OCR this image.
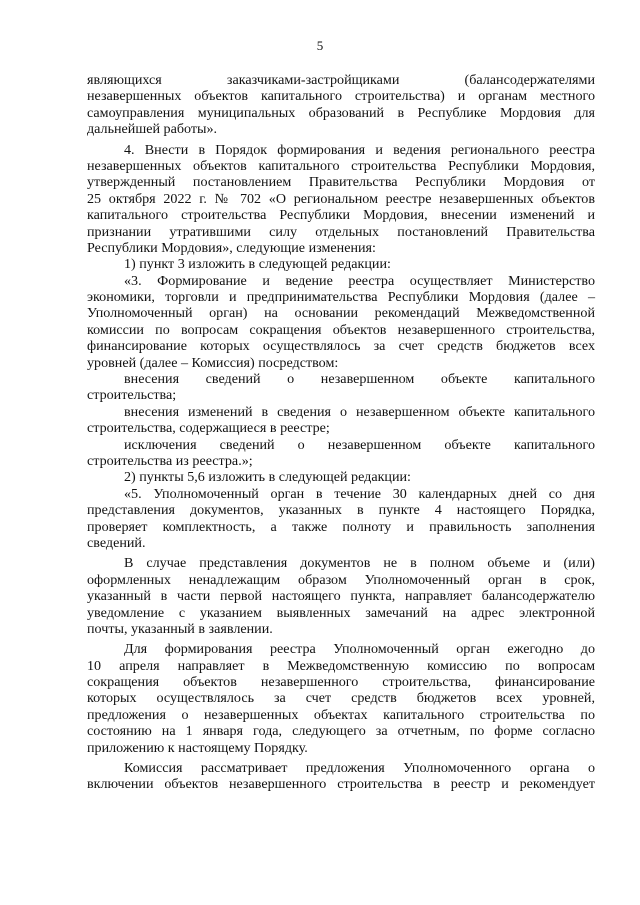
5
являющихся заказчиками-застройщиками (балансодержателями
незавершенных объектов капитального строительства) и органам местного
самоуправления муниципальных образований в Республике Мордовия для
дальнейшей работы».
4. Внести в Порядок формирования и ведения регионального реестра
незавершенных объектов капитального строительства Республики Мордовия,
утвержденный постановлением Правительства Республики Мордовия от
25 октября 2022 г. № 702 «О региональном реестре незавершенных объектов
капитального строительства Республики Мордовия, внесении изменений и
признании утратившими силу отдельных постановлений Правительства
Республики Мордовия», следующие изменения:
1) пункт 3 изложить в следующей редакции:
«3. Формирование и ведение реестра осуществляет Министерство
экономики, торговли и предпринимательства Республики Мордовия (далее –
Уполномоченный орган) на основании рекомендаций Межведомственной
комиссии по вопросам сокращения объектов незавершенного строительства,
финансирование которых осуществлялось за счет средств бюджетов всех
уровней (далее – Комиссия) посредством:
внесения сведений о незавершенном объекте капитального
строительства;
внесения изменений в сведения о незавершенном объекте капитального
строительства, содержащиеся в реестре;
исключения сведений о незавершенном объекте капитального
строительства из реестра.»;
2) пункты 5,6 изложить в следующей редакции:
«5. Уполномоченный орган в течение 30 календарных дней со дня
представления документов, указанных в пункте 4 настоящего Порядка,
проверяет комплектность, а также полноту и правильность заполнения
сведений.
В случае представления документов не в полном объеме и (или)
оформленных ненадлежащим образом Уполномоченный орган в срок,
указанный в части первой настоящего пункта, направляет балансодержателю
уведомление с указанием выявленных замечаний на адрес электронной
почты, указанный в заявлении.
Для формирования реестра Уполномоченный орган ежегодно до
10 апреля направляет в Межведомственную комиссию по вопросам
сокращения объектов незавершенного строительства, финансирование
которых осуществлялось за счет средств бюджетов всех уровней,
предложения о незавершенных объектах капитального строительства по
состоянию на 1 января года, следующего за отчетным, по форме согласно
приложению к настоящему Порядку.
Комиссия рассматривает предложения Уполномоченного органа о
включении объектов незавершенного строительства в реестр и рекомендует
